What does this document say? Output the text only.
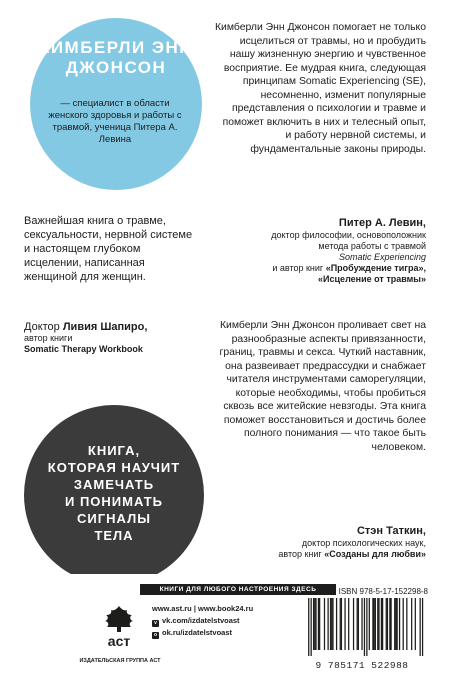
КИМБЕРЛИ ЭНН
ДЖОНСОН
— специалист в области женского здоровья и работы с травмой, ученица Питера А. Левина
Кимберли Энн Джонсон помогает не только исцелиться от травмы, но и пробудить нашу жизненную энергию и чувственное восприятие. Ее мудрая книга, следующая принципам Somatic Experiencing (SE), несомненно, изменит популярные представления о психологии и травме и поможет включить в них и телесный опыт, и работу нервной системы, и фундаментальные законы природы.
Питер А. Левин,
доктор философии, основоположник
метода работы с травмой
Somatic Experiencing
и автор книг «Пробуждение тигра»,
«Исцеление от травмы»
Важнейшая книга о травме, сексуальности, нервной системе и настоящем глубоком исцелении, написанная женщиной для женщин.
Доктор Ливия Шапиро,
автор книги
Somatic Therapy Workbook
Кимберли Энн Джонсон проливает свет на разнообразные аспекты привязанности, границ, травмы и секса. Чуткий наставник, она развеивает предрассудки и снабжает читателя инструментами саморегуляции, которые необходимы, чтобы пробиться сквозь все житейские невзгоды. Эта книга поможет восстановиться и достичь более полного понимания — что такое быть человеком.
Стэн Таткин,
доктор психологических наук,
автор книг «Созданы для любви»
КНИГА,
КОТОРАЯ НАУЧИТ
ЗАМЕЧАТЬ
И ПОНИМАТЬ
СИГНАЛЫ
ТЕЛА
КНИГИ ДЛЯ ЛЮБОГО НАСТРОЕНИЯ ЗДЕСЬ
аст
ИЗДАТЕЛЬСКАЯ ГРУППА АСТ
www.ast.ru | www.book24.ru
v vk.com/izdatelstvoast
o ok.ru/izdatelstvoast
ISBN 978-5-17-152298-8
9 785171 522988
